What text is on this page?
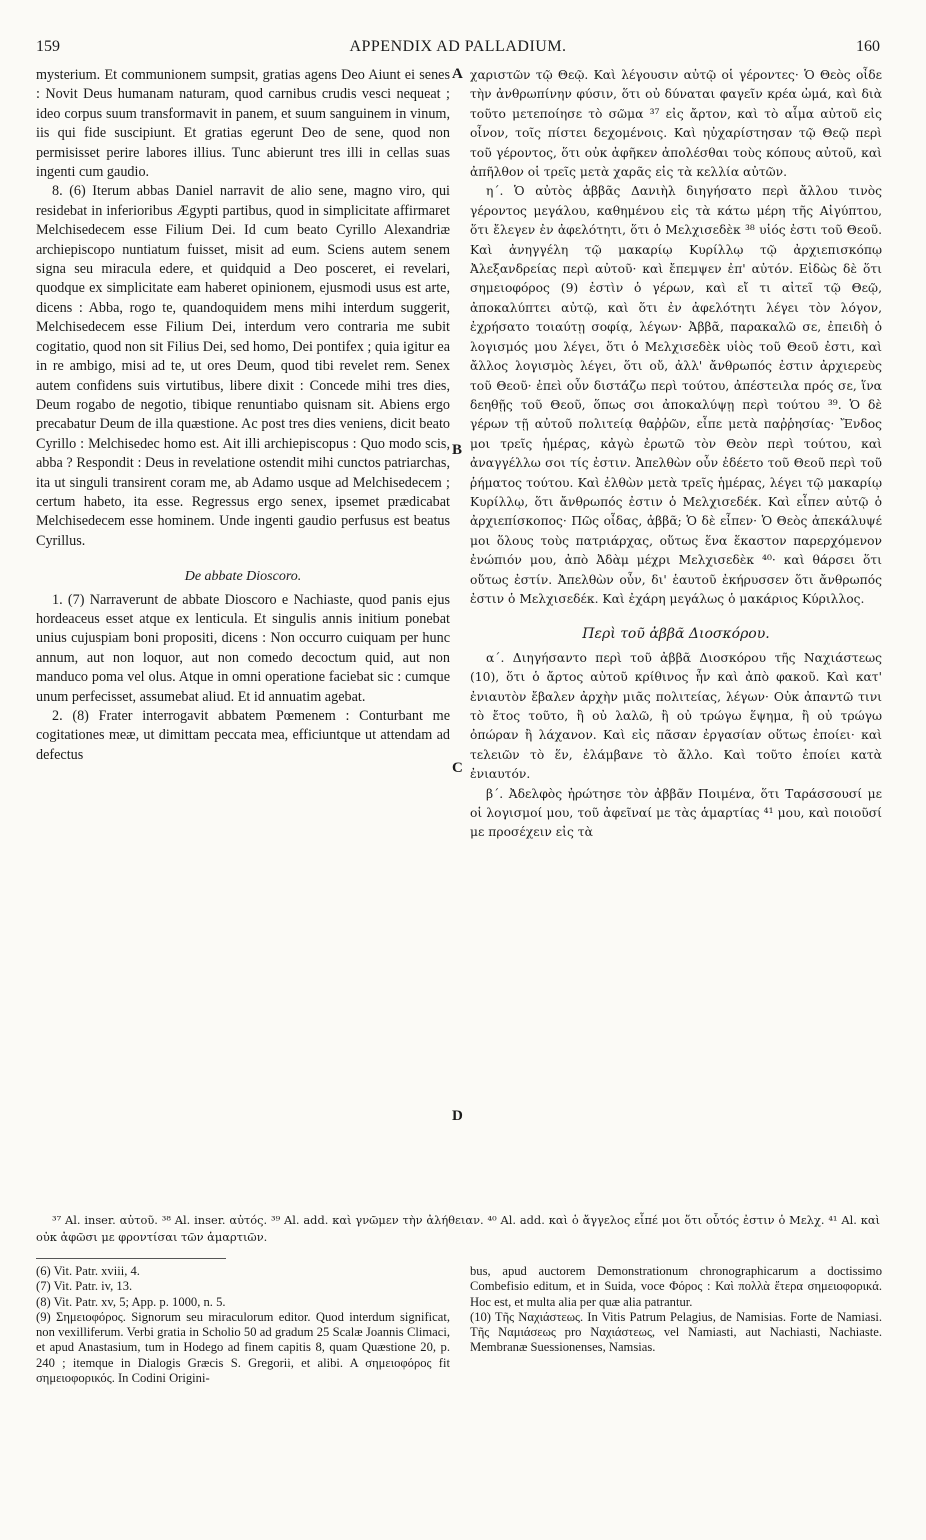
159	APPENDIX AD PALLADIUM.	160

mysterium. Et communionem sumpsit, gratias agens Deo Aiunt ei senes : Novit Deus humanam naturam, quod carnibus crudis vesci nequeat ; ideo corpus suum transformavit in panem, et suum sanguinem in vinum, iis qui fide suscipiunt. Et gratias egerunt Deo de sene, quod non permisisset perire labores illius. Tunc abierunt tres illi in cellas suas ingenti cum gaudio.

8. (6) Iterum abbas Daniel narravit de alio sene, magno viro, qui residebat in inferioribus Ægypti partibus, quod in simplicitate affirmaret Melchisedecem esse Filium Dei. Id cum beato Cyrillo Alexandriæ archiepiscopo nuntiatum fuisset, misit ad eum. Sciens autem senem signa seu miracula edere, et quidquid a Deo posceret, ei revelari, quodque ex simplicitate eam haberet opinionem, ejusmodi usus est arte, dicens : Abba, rogo te, quandoquidem mens mihi interdum suggerit, Melchisedecem esse Filium Dei, interdum vero contraria me subit cogitatio, quod non sit Filius Dei, sed homo, Dei pontifex ; quia igitur ea in re ambigo, misi ad te, ut ores Deum, quod tibi revelet rem. Senex autem confidens suis virtutibus, libere dixit : Concede mihi tres dies, Deum rogabo de negotio, tibique renuntiabo quisnam sit. Abiens ergo precabatur Deum de illa quæstione. Ac post tres dies veniens, dicit beato Cyrillo : Melchisedec homo est. Ait illi archiepiscopus : Quo modo scis, abba ? Respondit : Deus in revelatione ostendit mihi cunctos patriarchas, ita ut singuli transirent coram me, ab Adamo usque ad Melchisedecem ; certum habeto, ita esse. Regressus ergo senex, ipsemet prædicabat Melchisedecem esse hominem. Unde ingenti gaudio perfusus est beatus Cyrillus.

De abbate Dioscoro.

1. (7) Narraverunt de abbate Dioscoro e Nachiaste, quod panis ejus hordeaceus esset atque ex lenticula. Et singulis annis initium ponebat unius cujuspiam boni propositi, dicens : Non occurro cuiquam per hunc annum, aut non loquor, aut non comedo decoctum quid, aut non manduco poma vel olus. Atque in omni operatione faciebat sic : cumque unum perfecisset, assumebat aliud. Et id annuatim agebat.

2. (8) Frater interrogavit abbatem Pœmenem : Conturbant me cogitationes meæ, ut dimittam peccata mea, efficiuntque ut attendam ad defectus

A
B
C
D

χαριστῶν τῷ Θεῷ. Καὶ λέγουσιν αὐτῷ οἱ γέροντες· Ὁ Θεὸς οἶδε τὴν ἀνθρωπίνην φύσιν, ὅτι οὐ δύναται φαγεῖν κρέα ὠμά, καὶ διὰ τοῦτο μετεποίησε τὸ σῶμα ³⁷ εἰς ἄρτον, καὶ τὸ αἷμα αὐτοῦ εἰς οἶνον, τοῖς πίστει δεχομένοις. Καὶ ηὐχαρίστησαν τῷ Θεῷ περὶ τοῦ γέροντος, ὅτι οὐκ ἀφῆκεν ἀπολέσθαι τοὺς κόπους αὐτοῦ, καὶ ἀπῆλθον οἱ τρεῖς μετὰ χαρᾶς εἰς τὰ κελλία αὐτῶν.

η΄. Ὁ αὐτὸς ἀββᾶς Δανιὴλ διηγήσατο περὶ ἄλλου τινὸς γέροντος μεγάλου, καθημένου εἰς τὰ κάτω μέρη τῆς Αἰγύπτου, ὅτι ἔλεγεν ἐν ἀφελότητι, ὅτι ὁ Μελχισεδὲκ ³⁸ υἱός ἐστι τοῦ Θεοῦ. Καὶ ἀνηγγέλη τῷ μακαρίῳ Κυρίλλῳ τῷ ἀρχιεπισκόπῳ Ἀλεξανδρείας περὶ αὐτοῦ· καὶ ἔπεμψεν ἐπ' αὐτόν. Εἰδὼς δὲ ὅτι σημειοφόρος (9) ἐστὶν ὁ γέρων, καὶ εἴ τι αἰτεῖ τῷ Θεῷ, ἀποκαλύπτει αὐτῷ, καὶ ὅτι ἐν ἀφελότητι λέγει τὸν λόγον, ἐχρήσατο τοιαύτῃ σοφίᾳ, λέγων· Ἀββᾶ, παρακαλῶ σε, ἐπειδὴ ὁ λογισμός μου λέγει, ὅτι ὁ Μελχισεδὲκ υἱὸς τοῦ Θεοῦ ἐστι, καὶ ἄλλος λογισμὸς λέγει, ὅτι οὔ, ἀλλ' ἄνθρωπός ἐστιν ἀρχιερεὺς τοῦ Θεοῦ· ἐπεὶ οὖν διστάζω περὶ τούτου, ἀπέστειλα πρός σε, ἵνα δεηθῇς τοῦ Θεοῦ, ὅπως σοι ἀποκαλύψῃ περὶ τούτου ³⁹. Ὁ δὲ γέρων τῇ αὐτοῦ πολιτείᾳ θαῤῥῶν, εἶπε μετὰ παῤῥησίας· Ἔνδος μοι τρεῖς ἡμέρας, κἀγὼ ἐρωτῶ τὸν Θεὸν περὶ τούτου, καὶ ἀναγγέλλω σοι τίς ἐστιν. Ἀπελθὼν οὖν ἐδέετο τοῦ Θεοῦ περὶ τοῦ ῥήματος τούτου. Καὶ ἐλθὼν μετὰ τρεῖς ἡμέρας, λέγει τῷ μακαρίῳ Κυρίλλῳ, ὅτι ἄνθρωπός ἐστιν ὁ Μελχισεδέκ. Καὶ εἶπεν αὐτῷ ὁ ἀρχιεπίσκοπος· Πῶς οἶδας, ἀββᾶ; Ὁ δὲ εἶπεν· Ὁ Θεὸς ἀπεκάλυψέ μοι ὅλους τοὺς πατριάρχας, οὕτως ἕνα ἕκαστον παρερχόμενον ἐνώπιόν μου, ἀπὸ Ἀδὰμ μέχρι Μελχισεδὲκ ⁴⁰· καὶ θάρσει ὅτι οὕτως ἐστίν. Ἀπελθὼν οὖν, δι' ἑαυτοῦ ἐκήρυσσεν ὅτι ἄνθρωπός ἐστιν ὁ Μελχισεδέκ. Καὶ ἐχάρη μεγάλως ὁ μακάριος Κύριλλος.

Περὶ τοῦ ἀββᾶ Διοσκόρου.

α΄. Διηγήσαντο περὶ τοῦ ἀββᾶ Διοσκόρου τῆς Ναχιάστεως (10), ὅτι ὁ ἄρτος αὐτοῦ κρίθινος ἦν καὶ ἀπὸ φακοῦ. Καὶ κατ' ἐνιαυτὸν ἔβαλεν ἀρχὴν μιᾶς πολιτείας, λέγων· Οὐκ ἀπαντῶ τινι τὸ ἔτος τοῦτο, ἢ οὐ λαλῶ, ἢ οὐ τρώγω ἕψημα, ἢ οὐ τρώγω ὀπώραν ἢ λάχανον. Καὶ εἰς πᾶσαν ἐργασίαν οὕτως ἐποίει· καὶ τελειῶν τὸ ἕν, ἐλάμβανε τὸ ἄλλο. Καὶ τοῦτο ἐποίει κατὰ ἐνιαυτόν.

β΄. Ἀδελφὸς ἠρώτησε τὸν ἀββᾶν Ποιμένα, ὅτι Ταράσσουσί με οἱ λογισμοί μου, τοῦ ἀφεῖναί με τὰς ἁμαρτίας ⁴¹ μου, καὶ ποιοῦσί με προσέχειν εἰς τὰ

³⁷ Al. inser. αὐτοῦ. ³⁸ Al. inser. αὐτός. ³⁹ Al. add. καὶ γνῶμεν τὴν ἀλήθειαν. ⁴⁰ Al. add. καὶ ὁ ἄγγελος εἶπέ μοι ὅτι οὗτός ἐστιν ὁ Μελχ. ⁴¹ Al. καὶ οὐκ ἀφῶσι με φροντίσαι τῶν ἁμαρτιῶν.

(6) Vit. Patr. xviii, 4.

(7) Vit. Patr. iv, 13.

(8) Vit. Patr. xv, 5; App. p. 1000, n. 5.

(9) Σημειοφόρος. Signorum seu miraculorum editor. Quod interdum significat, non vexilliferum. Verbi gratia in Scholio 50 ad gradum 25 Scalæ Joannis Climaci, et apud Anastasium, tum in Hodego ad finem capitis 8, quam Quæstione 20, p. 240 ; itemque in Dialogis Græcis S. Gregorii, et alibi. A σημειοφόρος fit σημειοφορικός. In Codini Origini-

bus, apud auctorem Demonstrationum chronographicarum a doctissimo Combefisio editum, et in Suida, voce Φόρος : Καὶ πολλὰ ἕτερα σημειοφορικά. Hoc est, et multa alia per quæ alia patrantur.

(10) Τῆς Ναχιάστεως. In Vitis Patrum Pelagius, de Namisias. Forte de Namiasi. Τῆς Ναμιάσεως pro Ναχιάστεως, vel Namiasti, aut Nachiasti, Nachiaste. Membranæ Suessionenses, Namsias.
